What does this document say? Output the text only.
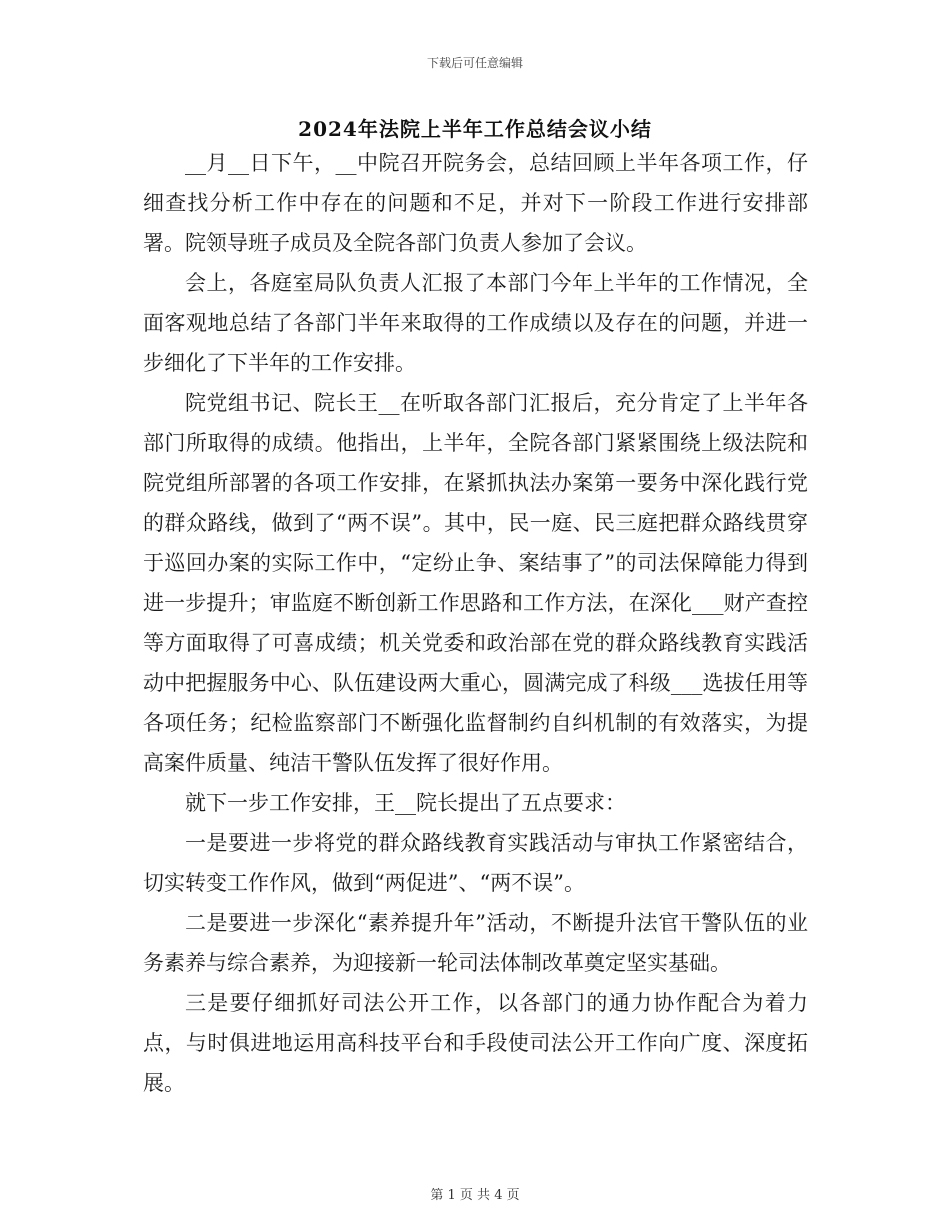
下载后可任意编辑
2024年法院上半年工作总结会议小结

__月__日下午，__中院召开院务会，总结回顾上半年各项工作，仔细查找分析工作中存在的问题和不足，并对下一阶段工作进行安排部署。院领导班子成员及全院各部门负责人参加了会议。

会上，各庭室局队负责人汇报了本部门今年上半年的工作情况，全面客观地总结了各部门半年来取得的工作成绩以及存在的问题，并进一步细化了下半年的工作安排。

院党组书记、院长王__在听取各部门汇报后，充分肯定了上半年各部门所取得的成绩。他指出，上半年，全院各部门紧紧围绕上级法院和院党组所部署的各项工作安排，在紧抓执法办案第一要务中深化践行党的群众路线，做到了“两不误”。其中，民一庭、民三庭把群众路线贯穿于巡回办案的实际工作中，“定纷止争、案结事了”的司法保障能力得到进一步提升；审监庭不断创新工作思路和工作方法，在深化___财产查控等方面取得了可喜成绩；机关党委和政治部在党的群众路线教育实践活动中把握服务中心、队伍建设两大重心，圆满完成了科级___选拔任用等各项任务；纪检监察部门不断强化监督制约自纠机制的有效落实，为提高案件质量、纯洁干警队伍发挥了很好作用。

就下一步工作安排，王__院长提出了五点要求：

一是要进一步将党的群众路线教育实践活动与审执工作紧密结合，切实转变工作作风，做到“两促进”、“两不误”。

二是要进一步深化“素养提升年”活动，不断提升法官干警队伍的业务素养与综合素养，为迎接新一轮司法体制改革奠定坚实基础。

三是要仔细抓好司法公开工作，以各部门的通力协作配合为着力点，与时俱进地运用高科技平台和手段使司法公开工作向广度、深度拓展。

第 1 页 共 4 页
